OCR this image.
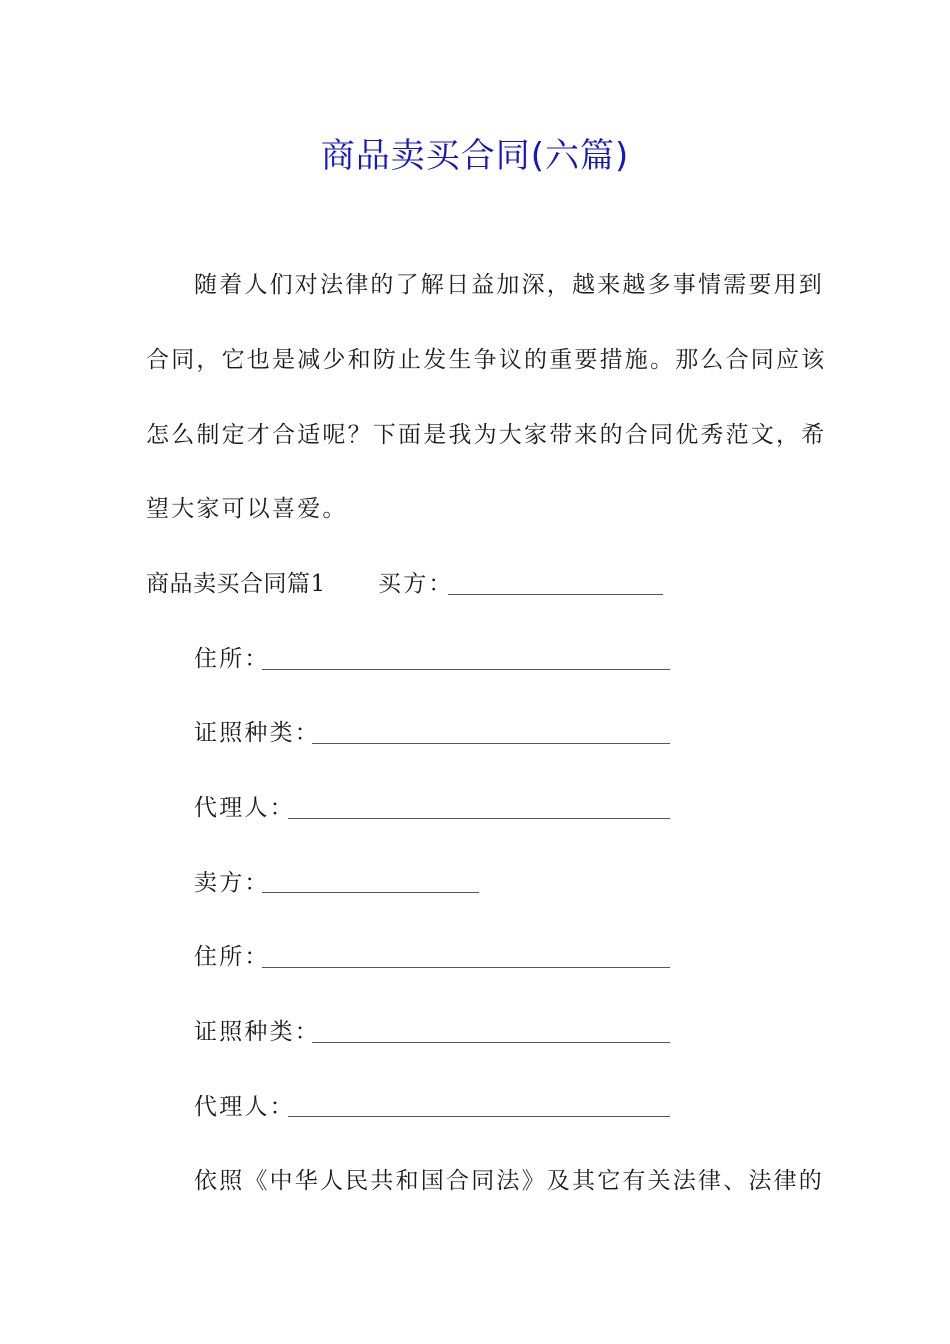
商品卖买合同(六篇)
随着人们对法律的了解日益加深，越来越多事情需要用到
合同，它也是减少和防止发生争议的重要措施。那么合同应该
怎么制定才合适呢？下面是我为大家带来的合同优秀范文，希
望大家可以喜爱。
商品卖买合同篇1 买方：
住所：
证照种类：
代理人：
卖方：
住所：
证照种类：
代理人：
依照《中华人民共和国合同法》及其它有关法律、法律的
